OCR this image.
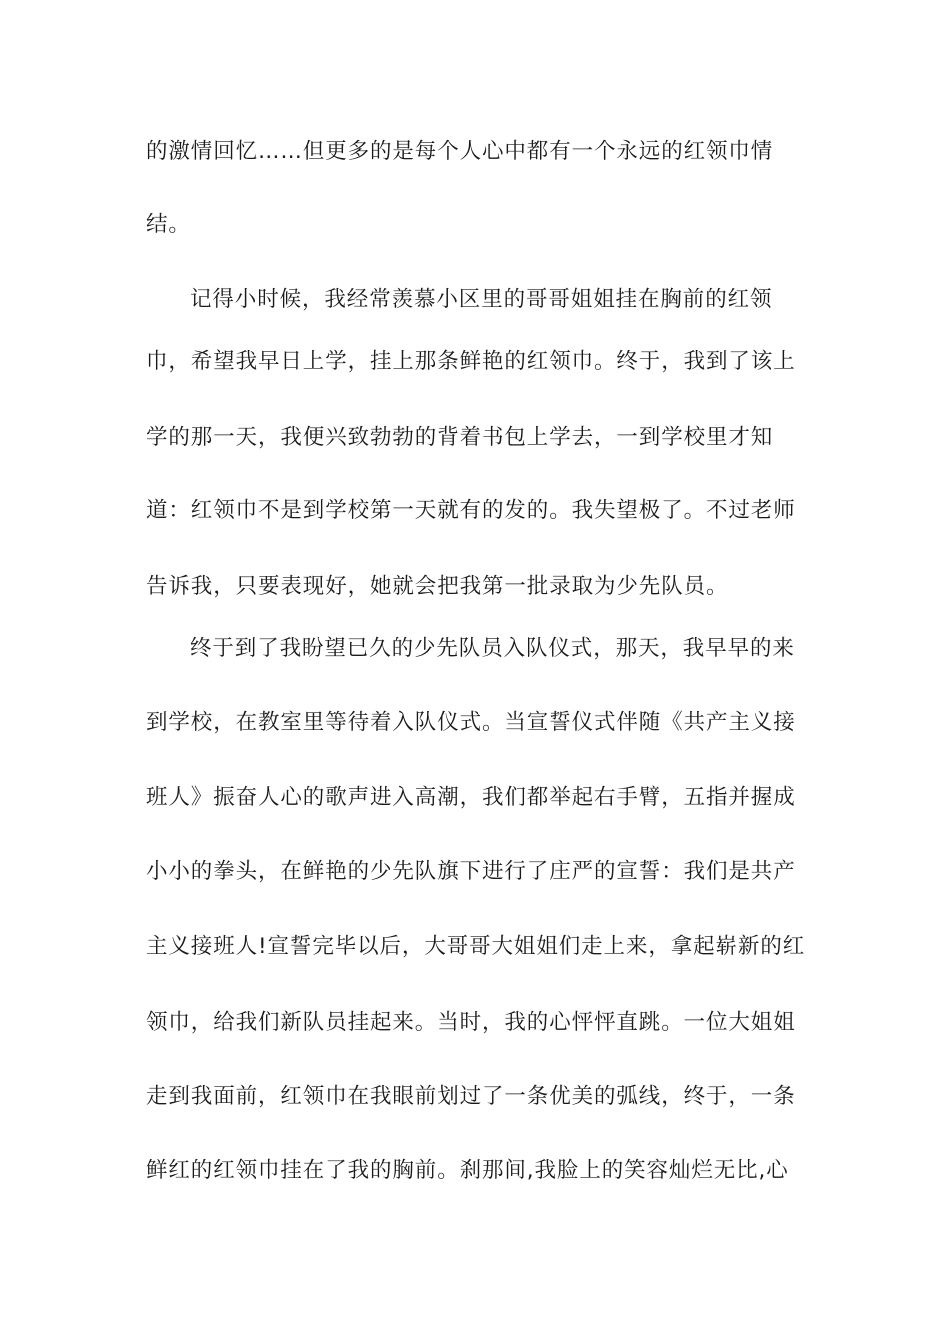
的激情回忆……但更多的是每个人心中都有一个永远的红领巾情
结。
记得小时候，我经常羡慕小区里的哥哥姐姐挂在胸前的红领
巾，希望我早日上学，挂上那条鲜艳的红领巾。终于，我到了该上
学的那一天，我便兴致勃勃的背着书包上学去，一到学校里才知
道：红领巾不是到学校第一天就有的发的。我失望极了。不过老师
告诉我，只要表现好，她就会把我第一批录取为少先队员。
终于到了我盼望已久的少先队员入队仪式，那天，我早早的来
到学校，在教室里等待着入队仪式。当宣誓仪式伴随《共产主义接
班人》振奋人心的歌声进入高潮，我们都举起右手臂，五指并握成
小小的拳头，在鲜艳的少先队旗下进行了庄严的宣誓：我们是共产
主义接班人!宣誓完毕以后，大哥哥大姐姐们走上来，拿起崭新的红
领巾，给我们新队员挂起来。当时，我的心怦怦直跳。一位大姐姐
走到我面前，红领巾在我眼前划过了一条优美的弧线，终于，一条
鲜红的红领巾挂在了我的胸前。刹那间,我脸上的笑容灿烂无比,心
